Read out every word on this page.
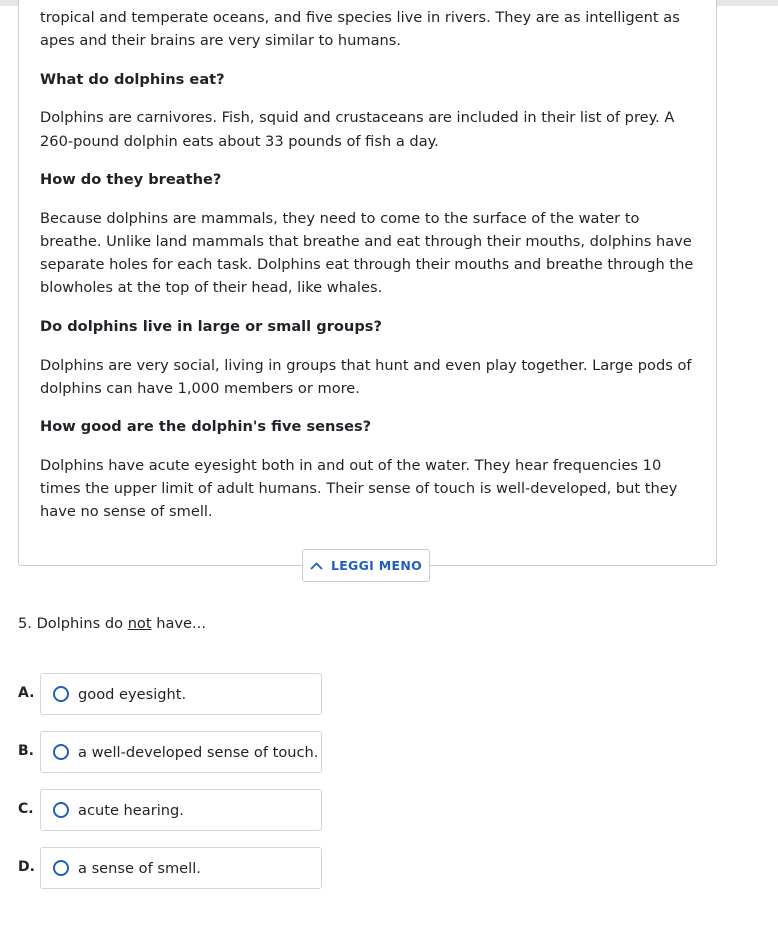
tropical and temperate oceans, and five species live in rivers. They are as intelligent as apes and their brains are very similar to humans.

What do dolphins eat?

Dolphins are carnivores. Fish, squid and crustaceans are included in their list of prey. A 260-pound dolphin eats about 33 pounds of fish a day.

How do they breathe?

Because dolphins are mammals, they need to come to the surface of the water to breathe. Unlike land mammals that breathe and eat through their mouths, dolphins have separate holes for each task. Dolphins eat through their mouths and breathe through the blowholes at the top of their head, like whales.

Do dolphins live in large or small groups?

Dolphins are very social, living in groups that hunt and even play together. Large pods of dolphins can have 1,000 members or more.

How good are the dolphin's five senses?

Dolphins have acute eyesight both in and out of the water. They hear frequencies 10 times the upper limit of adult humans. Their sense of touch is well-developed, but they have no sense of smell.

LEGGI MENO
5. Dolphins do not have...
A.	good eyesight.
B.	a well-developed sense of touch.
C.	acute hearing.
D.	a sense of smell.
